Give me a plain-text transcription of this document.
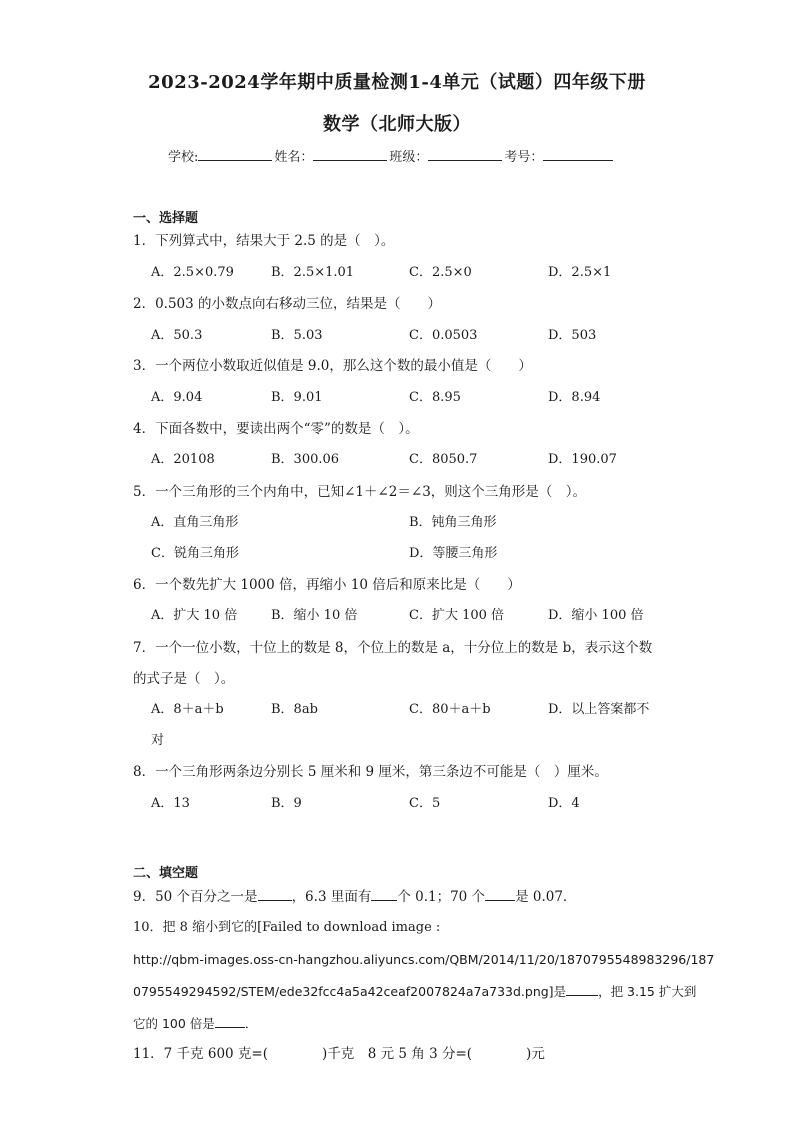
2023-2024学年期中质量检测1-4单元（试题）四年级下册
数学（北师大版）
学校:	姓名：	班级：	考号：
一、选择题
1．下列算式中，结果大于 2.5 的是（　）。
A．2.5×0.79	B．2.5×1.01	C．2.5×0	D．2.5×1
2．0.503 的小数点向右移动三位，结果是（　　）
A．50.3	B．5.03	C．0.0503	D．503
3．一个两位小数取近似值是 9.0，那么这个数的最小值是（　　）
A．9.04	B．9.01	C．8.95	D．8.94
4．下面各数中，要读出两个“零”的数是（　）。
A．20108	B．300.06	C．8050.7	D．190.07
5．一个三角形的三个内角中，已知∠1＋∠2＝∠3，则这个三角形是（　）。
A．直角三角形	B．钝角三角形
C．锐角三角形	D．等腰三角形
6．一个数先扩大 1000 倍，再缩小 10 倍后和原来比是（　　）
A．扩大 10 倍	B．缩小 10 倍	C．扩大 100 倍	D．缩小 100 倍
7．一个一位小数，十位上的数是 8，个位上的数是 a，十分位上的数是 b，表示这个数
的式子是（　）。
A．8＋a＋b	B．8ab	C．80＋a＋b	D．以上答案都不
对
8．一个三角形两条边分别长 5 厘米和 9 厘米，第三条边不可能是（　）厘米。
A．13	B．9	C．5	D．4
二、填空题
9．50 个百分之一是	，6.3 里面有 个 0.1；70 个 是 0.07．
10．把 8 缩小到它的[Failed to download image :
http://qbm-images.oss-cn-hangzhou.aliyuncs.com/QBM/2014/11/20/1870795548983296/187
0795549294592/STEM/ede32fcc4a5a42ceaf2007824a7a733d.png]是	，把 3.15 扩大到
它的 100 倍是 ．
11．7 千克 600 克=(　　　　)千克　8 元 5 角 3 分=(　　　　)元
